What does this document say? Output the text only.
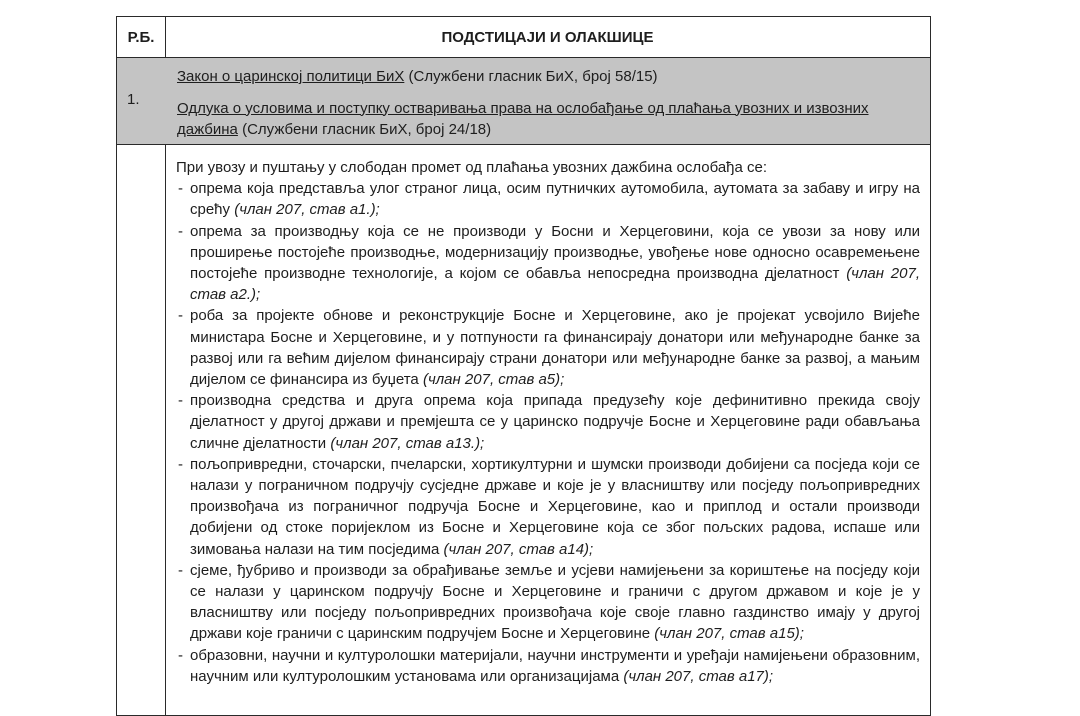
Р.Б.	ПОДСТИЦАЈИ И ОЛАКШИЦЕ
1.
Закон о царинској политици БиХ (Службени гласник БиХ, број 58/15)
Одлука о условима и поступку остваривања права на ослобађање од плаћања увозних и извозних дажбина (Службени гласник БиХ, број 24/18)
При увозу и пуштању у слободан промет од плаћања увозних дажбина ослобађа се:
- опрема која представља улог страног лица, осим путничких аутомобила, аутомата за забаву и игру на срећу (члан 207, став а1.);
- опрема за производњу која се не производи у Босни и Херцеговини, која се увози за нову или проширење постојеће производње, модернизацију производње, увођење нове односно осавремењене постојеће производне технологије, а којом се обавља непосредна производна дјелатност (члан 207, став а2.);
- роба за пројекте обнове и реконструкције Босне и Херцеговине, ако је пројекат усвојило Вијеће министара Босне и Херцеговине, и у потпуности га финансирају донатори или међународне банке за развој или га већим дијелом финансирају страни донатори или међународне банке за развој, а мањим дијелом се финансира из буџета (члан 207, став а5);
- производна средства и друга опрема која припада предузећу које дефинитивно прекида своју дјелатност у другој држави и премјешта се у царинско подручје Босне и Херцеговине ради обављања сличне дјелатности (члан 207, став а13.);
- пољопривредни, сточарски, пчеларски, хортикултурни и шумски производи добијени са посједа који се налази у пограничном подручју сусједне државе и које је у власништву или посједу пољопривредних произвођача из пограничног подручја Босне и Херцеговине, као и приплод и остали производи добијени од стоке поријеклом из Босне и Херцеговине која се због пољских радова, испаше или зимовања налази на тим посједима (члан 207, став а14);
- сјеме, ђубриво и производи за обрађивање земље и усјеви намијењени за кориштење на посједу који се налази у царинском подручју Босне и Херцеговине и граничи с другом државом и које је у власништву или посједу пољопривредних произвођача које своје главно газдинство имају у другој држави које граничи с царинским подручјем Босне и Херцеговине (члан 207, став а15);
- образовни, научни и културолошки материјали, научни инструменти и уређаји намијењени образовним, научним или културолошким установама или организацијама (члан 207, став а17);
